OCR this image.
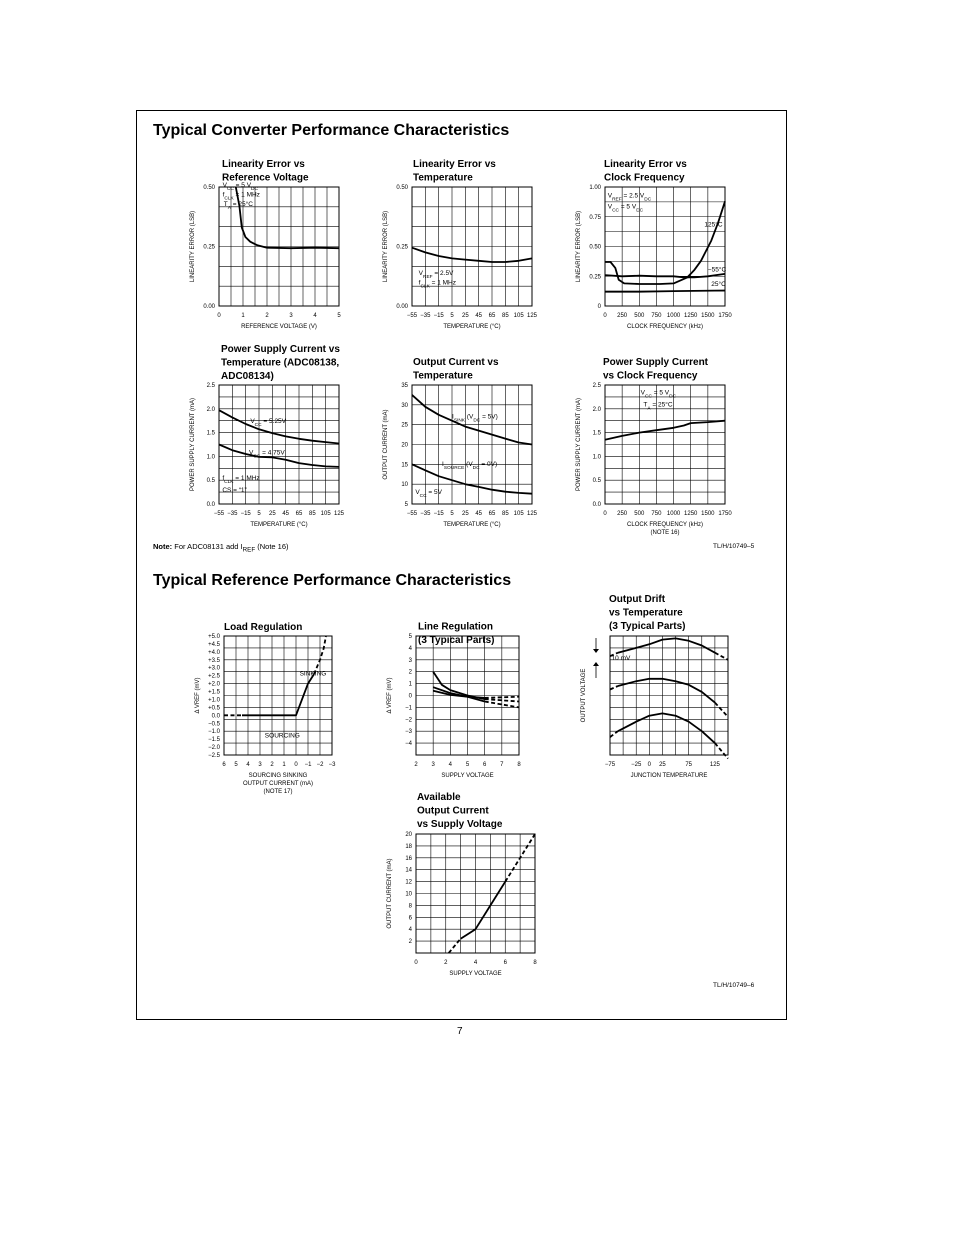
Typical Converter Performance Characteristics
Typical Reference Performance Characteristics
Note: For ADC08131 add $I_{REF}$ (Note 16)	TL/H/10749–5
TL/H/10749–6
7
Linearity Error vs
Reference Voltage
0	1	2	3	4	5
0.00
0.25
0.50
REFERENCE VOLTAGE (V)
LINEARITY ERROR (LSB)
$V_{CC} = 5$ $V_{DC}$
$f_{CLK} = 1$ MHz
$T_A = 25^\circ C$
Linearity Error vs
Temperature
−55 −35 −15 5 25 45 65 85 105 125
0.00
0.25
0.50
TEMPERATURE (°C)
LINEARITY ERROR (LSB)	$V_{REF} = 2.5V$
$f_{CLK} = 1$ MHz
Linearity Error vs
Clock Frequency
0 250 500 750 1000 1250 1500 1750
0
0.25
0.50
0.75
1.00
CLOCK FREQUENCY (kHz)
LINEARITY ERROR (LSB)
$V_{REF} = 2.5$ $V_{DC}$
$V_{CC} = 5$ $V_{DC}$
125°C
−55°C
25°C
Power Supply Current vs
Temperature (ADC08138,
ADC08134)
−55 −35 −15 5 25 45 65 85 105 125
0.0
0.5
1.0
1.5
2.0
2.5
TEMPERATURE (°C)
POWER SUPPLY CURRENT (mA)	$V_{CC} = 5.25V$
$V_{CC} = 4.75V$
$f_{CLK} = 1$ MHz
CS = “1”
Output Current vs
Temperature
−55 −35 −15 5 25 45 65 85 105 125
5
10
15
20
25
30
35
TEMPERATURE (°C)
OUTPUT CURRENT (mA)	$I_{SINK}$ $(V_{DC} = 5V)$
$I_{SOURCE}$ $(V_{DC} = 0V)$
$V_{CC} = 5V$
Power Supply Current
vs Clock Frequency
0 250 500 750 1000 1250 1500 1750
0.0
0.5
1.0
1.5
2.0
2.5
CLOCK FREQUENCY (kHz)
(NOTE 16)
POWER SUPPLY CURRENT (mA)
$V_{CC} = 5$ $V_{DC}$
$T_A = 25^\circ C$
Load Regulation
6 5 4 3 2 1 0 −1 −2 −3
−2.5
−2.0
−1.5
−1.0
−0.5
0.0
+0.5
+1.0
+1.5
+2.0
+2.5
+3.0
+3.5
+4.0
+4.5
+5.0
SOURCING SINKING
OUTPUT CURRENT (mA)
(NOTE 17)
Δ VREF (mV)
SINKING
SOURCING
Line Regulation
(3 Typical Parts)
2 3 4 5 6 7 8
−4
−3
−2
−1
0
1
2
3
4
5
SUPPLY VOLTAGE
Δ VREF (mV)
Output Drift
vs Temperature
(3 Typical Parts)
−75	−25 0 25	75	125
JUNCTION TEMPERATURE
OUTPUT VOLTAGE
10 mV
Available
Output Current
vs Supply Voltage
0	2	4	6	8
2
4
6
8
10
12
14
16
18
20
SUPPLY VOLTAGE
OUTPUT CURRENT (mA)
